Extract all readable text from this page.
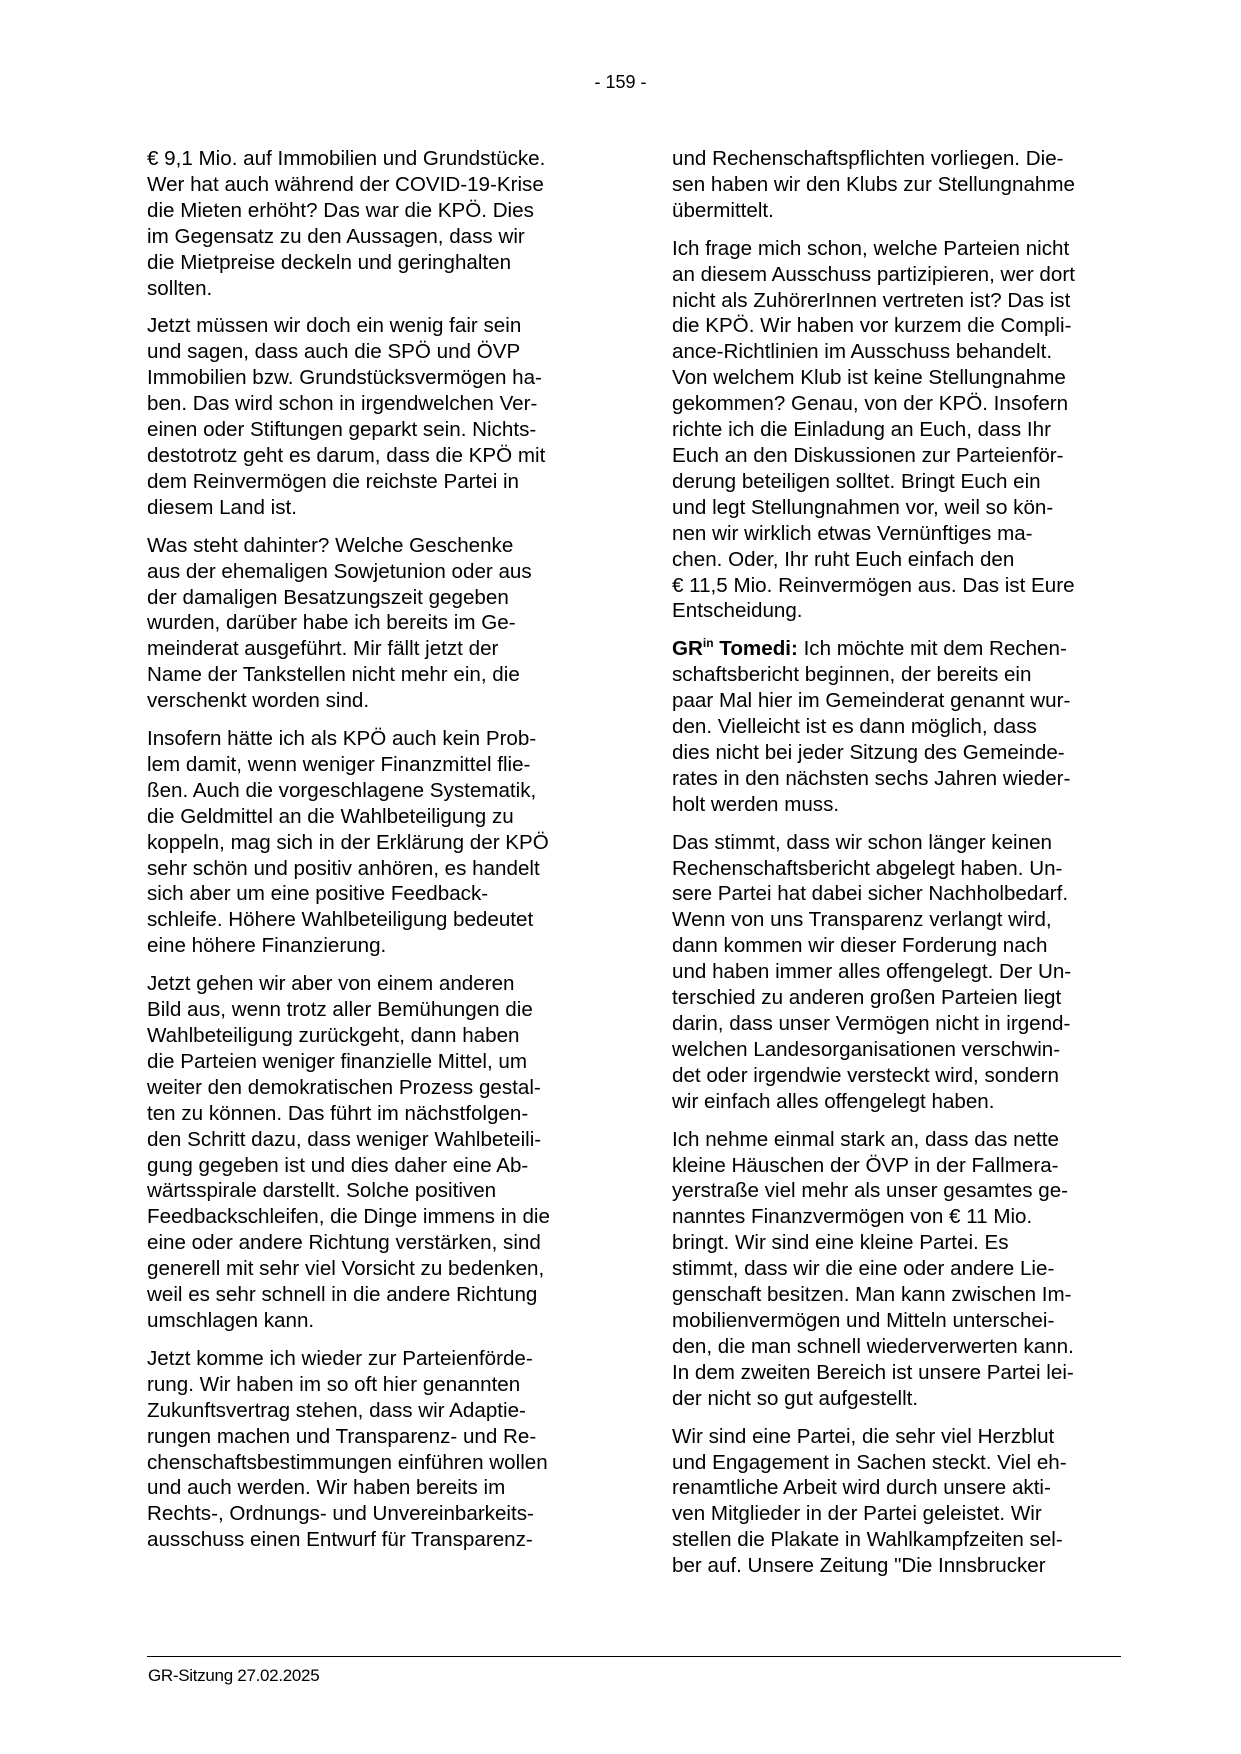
- 159 -

€ 9,1 Mio. auf Immobilien und Grundstücke.
Wer hat auch während der COVID-19-Krise
die Mieten erhöht? Das war die KPÖ. Dies
im Gegensatz zu den Aussagen, dass wir
die Mietpreise deckeln und geringhalten
sollten.

Jetzt müssen wir doch ein wenig fair sein
und sagen, dass auch die SPÖ und ÖVP
Immobilien bzw. Grundstücksvermögen ha-
ben. Das wird schon in irgendwelchen Ver-
einen oder Stiftungen geparkt sein. Nichts-
destotrotz geht es darum, dass die KPÖ mit
dem Reinvermögen die reichste Partei in
diesem Land ist.

Was steht dahinter? Welche Geschenke
aus der ehemaligen Sowjetunion oder aus
der damaligen Besatzungszeit gegeben
wurden, darüber habe ich bereits im Ge-
meinderat ausgeführt. Mir fällt jetzt der
Name der Tankstellen nicht mehr ein, die
verschenkt worden sind.

Insofern hätte ich als KPÖ auch kein Prob-
lem damit, wenn weniger Finanzmittel flie-
ßen. Auch die vorgeschlagene Systematik,
die Geldmittel an die Wahlbeteiligung zu
koppeln, mag sich in der Erklärung der KPÖ
sehr schön und positiv anhören, es handelt
sich aber um eine positive Feedback-
schleife. Höhere Wahlbeteiligung bedeutet
eine höhere Finanzierung.

Jetzt gehen wir aber von einem anderen
Bild aus, wenn trotz aller Bemühungen die
Wahlbeteiligung zurückgeht, dann haben
die Parteien weniger finanzielle Mittel, um
weiter den demokratischen Prozess gestal-
ten zu können. Das führt im nächstfolgen-
den Schritt dazu, dass weniger Wahlbeteili-
gung gegeben ist und dies daher eine Ab-
wärtsspirale darstellt. Solche positiven
Feedbackschleifen, die Dinge immens in die
eine oder andere Richtung verstärken, sind
generell mit sehr viel Vorsicht zu bedenken,
weil es sehr schnell in die andere Richtung
umschlagen kann.

Jetzt komme ich wieder zur Parteienförde-
rung. Wir haben im so oft hier genannten
Zukunftsvertrag stehen, dass wir Adaptie-
rungen machen und Transparenz- und Re-
chenschaftsbestimmungen einführen wollen
und auch werden. Wir haben bereits im
Rechts-, Ordnungs- und Unvereinbarkeits-
ausschuss einen Entwurf für Transparenz-

und Rechenschaftspflichten vorliegen. Die-
sen haben wir den Klubs zur Stellungnahme
übermittelt.

Ich frage mich schon, welche Parteien nicht
an diesem Ausschuss partizipieren, wer dort
nicht als ZuhörerInnen vertreten ist? Das ist
die KPÖ. Wir haben vor kurzem die Compli-
ance-Richtlinien im Ausschuss behandelt.
Von welchem Klub ist keine Stellungnahme
gekommen? Genau, von der KPÖ. Insofern
richte ich die Einladung an Euch, dass Ihr
Euch an den Diskussionen zur Parteienför-
derung beteiligen solltet. Bringt Euch ein
und legt Stellungnahmen vor, weil so kön-
nen wir wirklich etwas Vernünftiges ma-
chen. Oder, Ihr ruht Euch einfach den
€ 11,5 Mio. Reinvermögen aus. Das ist Eure
Entscheidung.

$GR^{in}$ Tomedi: Ich möchte mit dem Rechen-
schaftsbericht beginnen, der bereits ein
paar Mal hier im Gemeinderat genannt wur-
den. Vielleicht ist es dann möglich, dass
dies nicht bei jeder Sitzung des Gemeinde-
rates in den nächsten sechs Jahren wieder-
holt werden muss.

Das stimmt, dass wir schon länger keinen
Rechenschaftsbericht abgelegt haben. Un-
sere Partei hat dabei sicher Nachholbedarf.
Wenn von uns Transparenz verlangt wird,
dann kommen wir dieser Forderung nach
und haben immer alles offengelegt. Der Un-
terschied zu anderen großen Parteien liegt
darin, dass unser Vermögen nicht in irgend-
welchen Landesorganisationen verschwin-
det oder irgendwie versteckt wird, sondern
wir einfach alles offengelegt haben.

Ich nehme einmal stark an, dass das nette
kleine Häuschen der ÖVP in der Fallmera-
yerstraße viel mehr als unser gesamtes ge-
nanntes Finanzvermögen von € 11 Mio.
bringt. Wir sind eine kleine Partei. Es
stimmt, dass wir die eine oder andere Lie-
genschaft besitzen. Man kann zwischen Im-
mobilienvermögen und Mitteln unterschei-
den, die man schnell wiederverwerten kann.
In dem zweiten Bereich ist unsere Partei lei-
der nicht so gut aufgestellt.

Wir sind eine Partei, die sehr viel Herzblut
und Engagement in Sachen steckt. Viel eh-
renamtliche Arbeit wird durch unsere akti-
ven Mitglieder in der Partei geleistet. Wir
stellen die Plakate in Wahlkampfzeiten sel-
ber auf. Unsere Zeitung "Die Innsbrucker

GR-Sitzung 27.02.2025
